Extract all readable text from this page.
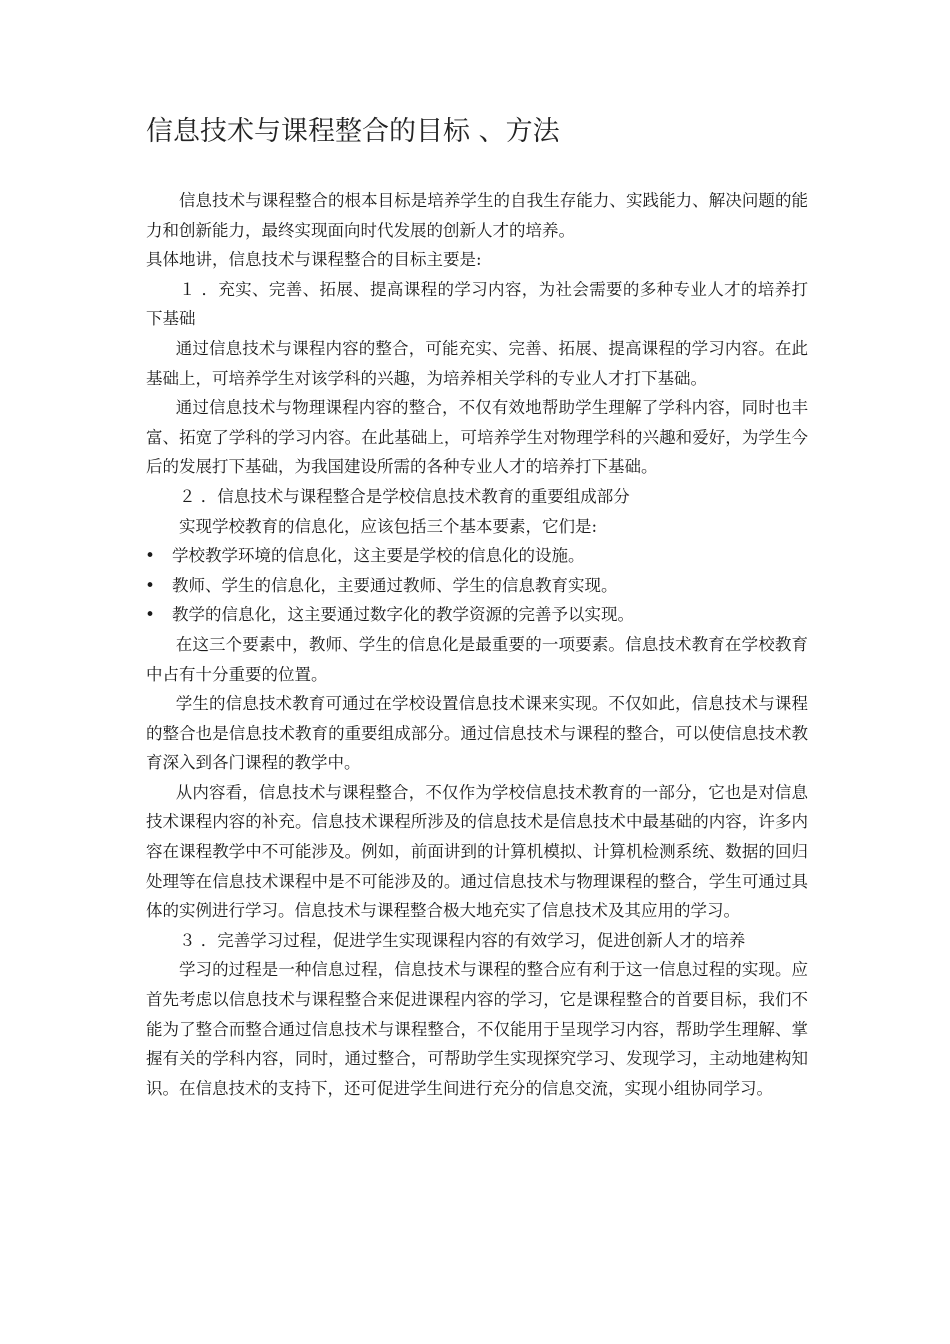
信息技术与课程整合的目标 、方法

信息技术与课程整合的根本目标是培养学生的自我生存能力、实践能力、解决问题的能力和创新能力，最终实现面向时代发展的创新人才的培养。

具体地讲，信息技术与课程整合的目标主要是:

１ ．充实、完善、拓展、提高课程的学习内容，为社会需要的多种专业人才的培养打下基础

通过信息技术与课程内容的整合，可能充实、完善、拓展、提高课程的学习内容。在此基础上，可培养学生对该学科的兴趣，为培养相关学科的专业人才打下基础。

通过信息技术与物理课程内容的整合，不仅有效地帮助学生理解了学科内容，同时也丰富、拓宽了学科的学习内容。在此基础上，可培养学生对物理学科的兴趣和爱好，为学生今后的发展打下基础，为我国建设所需的各种专业人才的培养打下基础。

２ ．信息技术与课程整合是学校信息技术教育的重要组成部分

实现学校教育的信息化，应该包括三个基本要素，它们是:

• 学校教学环境的信息化，这主要是学校的信息化的设施。
• 教师、学生的信息化，主要通过教师、学生的信息教育实现。
• 教学的信息化，这主要通过数字化的教学资源的完善予以实现。

在这三个要素中，教师、学生的信息化是最重要的一项要素。信息技术教育在学校教育中占有十分重要的位置。

学生的信息技术教育可通过在学校设置信息技术课来实现。不仅如此，信息技术与课程的整合也是信息技术教育的重要组成部分。通过信息技术与课程的整合，可以使信息技术教育深入到各门课程的教学中。

从内容看，信息技术与课程整合，不仅作为学校信息技术教育的一部分，它也是对信息技术课程内容的补充。信息技术课程所涉及的信息技术是信息技术中最基础的内容，许多内容在课程教学中不可能涉及。例如，前面讲到的计算机模拟、计算机检测系统、数据的回归处理等在信息技术课程中是不可能涉及的。通过信息技术与物理课程的整合，学生可通过具体的实例进行学习。信息技术与课程整合极大地充实了信息技术及其应用的学习。

３ ．完善学习过程，促进学生实现课程内容的有效学习，促进创新人才的培养

学习的过程是一种信息过程，信息技术与课程的整合应有利于这一信息过程的实现。应首先考虑以信息技术与课程整合来促进课程内容的学习，它是课程整合的首要目标，我们不能为了整合而整合通过信息技术与课程整合，不仅能用于呈现学习内容，帮助学生理解、掌握有关的学科内容，同时，通过整合，可帮助学生实现探究学习、发现学习，主动地建构知识。在信息技术的支持下，还可促进学生间进行充分的信息交流，实现小组协同学习。
